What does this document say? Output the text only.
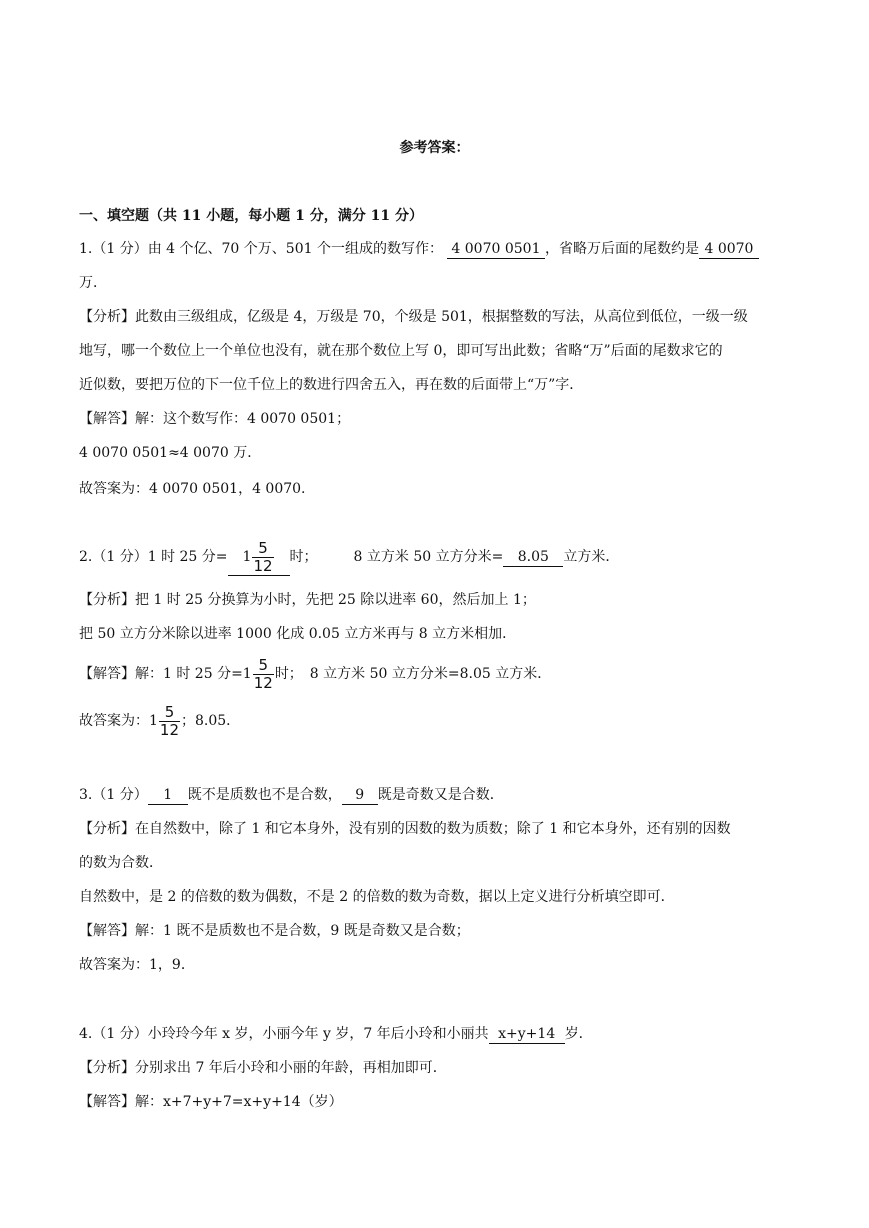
参考答案：
一、填空题（共 11 小题，每小题 1 分，满分 11 分）
1.（1 分）由 4 个亿、70 个万、501 个一组成的数写作： 4 0070 0501 ，省略万后面的尾数约是 4 0070
万．
【分析】此数由三级组成，亿级是 4，万级是 70，个级是 501，根据整数的写法，从高位到低位，一级一级
地写，哪一个数位上一个单位也没有，就在那个数位上写 0，即可写出此数；省略“万”后面的尾数求它的
近似数，要把万位的下一位千位上的数进行四舍五入，再在数的后面带上“万”字．
【解答】解：这个数写作：4 0070 0501；
4 0070 0501≈4 0070 万．
故答案为：4 0070 0501，4 0070.
2.（1 分）1 时 25 分= $1 \frac{5}{12}$ 时；	8 立方米 50 立方分米= 8.05 立方米．
【分析】把 1 时 25 分换算为小时，先把 25 除以进率 60，然后加上 1；
把 50 立方分米除以进率 1000 化成 0.05 立方米再与 8 立方米相加．
【解答】解：1 时 25 分$=1 \frac{5}{12}$ 时；　8 立方米 50 立方分米=8.05 立方米．
故答案为：$1 \frac{5}{12}$ ；8.05．
3.（1 分） 1 既不是质数也不是合数， 9 既是奇数又是合数．
【分析】在自然数中，除了 1 和它本身外，没有别的因数的数为质数；除了 1 和它本身外，还有别的因数
的数为合数．
自然数中，是 2 的倍数的数为偶数，不是 2 的倍数的数为奇数，据以上定义进行分析填空即可．
【解答】解：1 既不是质数也不是合数，9 既是奇数又是合数；
故答案为：1，9．
4.（1 分）小玲玲今年 x 岁，小丽今年 y 岁，7 年后小玲和小丽共 x+y+14 岁．
【分析】分别求出 7 年后小玲和小丽的年龄，再相加即可．
【解答】解：x+7+y+7=x+y+14（岁）
